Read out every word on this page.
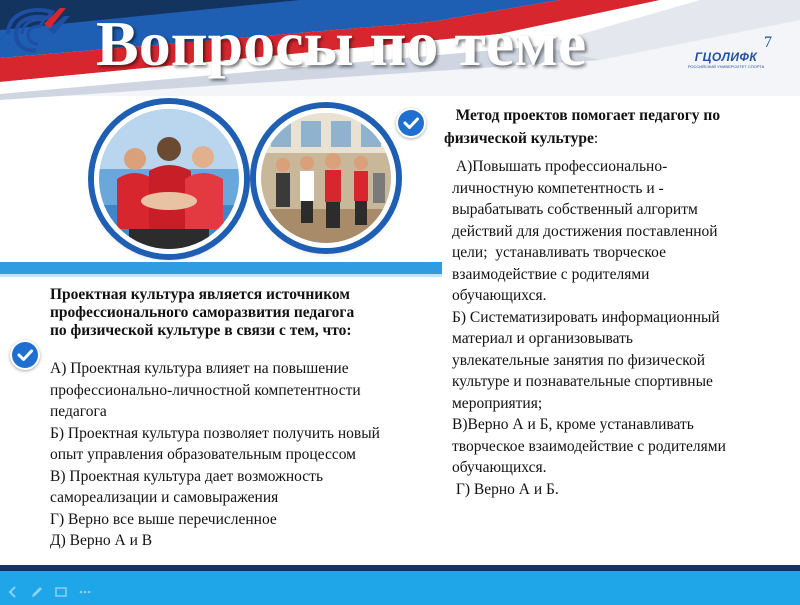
Вопросы по теме	ГЦОЛИФК
РОССИЙСКИЙ УНИВЕРСИТЕТ СПОРТА
7
Проектная культура является источником
профессионального саморазвития педагога
по физической культуре в связи с тем, что:
А) Проектная культура влияет на повышение
профессионально-личностной компетентности
педагога
Б) Проектная культура позволяет получить новый
опыт управления образовательным процессом
В) Проектная культура дает возможность
самореализации и самовыражения
Г) Верно все выше перечисленное
Д) Верно А и В
Метод проектов помогает педагогу по
физической культуре:
А)Повышать профессионально-
личностную компетентность и -
вырабатывать собственный алгоритм
действий для достижения поставленной
цели;  устанавливать творческое
взаимодействие с родителями
обучающихся.
Б) Систематизировать информационный
материал и организовывать
увлекательные занятия по физической
культуре и познавательные спортивные
мероприятия;
В)Верно А и Б, кроме устанавливать
творческое взаимодействие с родителями
обучающихся.
Г) Верно А и Б.
